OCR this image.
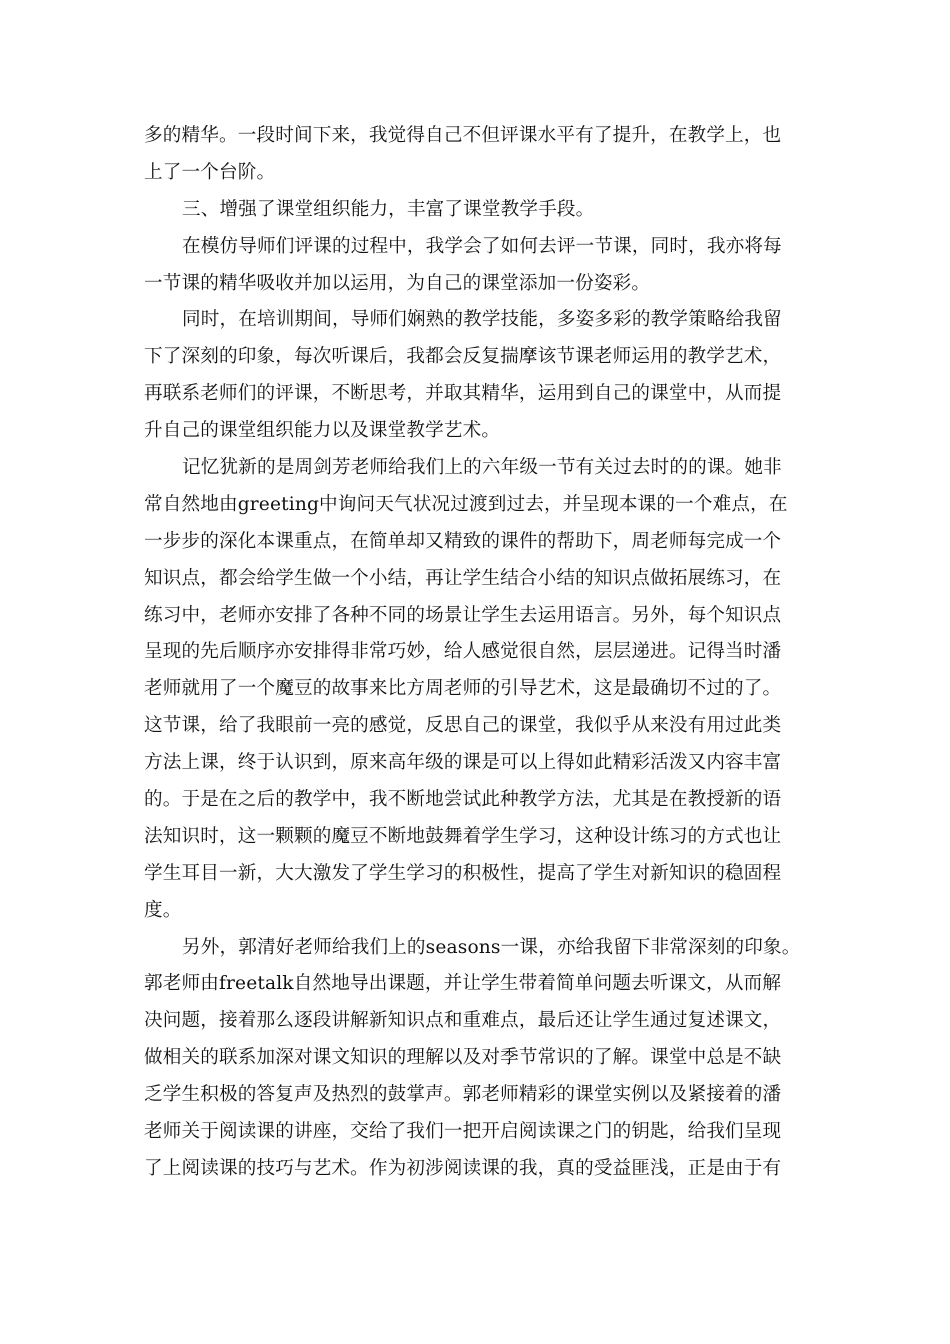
多的精华。一段时间下来，我觉得自己不但评课水平有了提升，在教学上，也
上了一个台阶。
三、增强了课堂组织能力，丰富了课堂教学手段。
在模仿导师们评课的过程中，我学会了如何去评一节课，同时，我亦将每
一节课的精华吸收并加以运用，为自己的课堂添加一份姿彩。
同时，在培训期间，导师们娴熟的教学技能，多姿多彩的教学策略给我留
下了深刻的印象，每次听课后，我都会反复揣摩该节课老师运用的教学艺术，
再联系老师们的评课，不断思考，并取其精华，运用到自己的课堂中，从而提
升自己的课堂组织能力以及课堂教学艺术。
记忆犹新的是周剑芳老师给我们上的六年级一节有关过去时的的课。她非
常自然地由greeting中询问天气状况过渡到过去，并呈现本课的一个难点，在
一步步的深化本课重点，在简单却又精致的课件的帮助下，周老师每完成一个
知识点，都会给学生做一个小结，再让学生结合小结的知识点做拓展练习，在
练习中，老师亦安排了各种不同的场景让学生去运用语言。另外，每个知识点
呈现的先后顺序亦安排得非常巧妙，给人感觉很自然，层层递进。记得当时潘
老师就用了一个魔豆的故事来比方周老师的引导艺术，这是最确切不过的了。
这节课，给了我眼前一亮的感觉，反思自己的课堂，我似乎从来没有用过此类
方法上课，终于认识到，原来高年级的课是可以上得如此精彩活泼又内容丰富
的。于是在之后的教学中，我不断地尝试此种教学方法，尤其是在教授新的语
法知识时，这一颗颗的魔豆不断地鼓舞着学生学习，这种设计练习的方式也让
学生耳目一新，大大激发了学生学习的积极性，提高了学生对新知识的稳固程
度。
另外，郭清好老师给我们上的seasons一课，亦给我留下非常深刻的印象。
郭老师由freetalk自然地导出课题，并让学生带着简单问题去听课文，从而解
决问题，接着那么逐段讲解新知识点和重难点，最后还让学生通过复述课文，
做相关的联系加深对课文知识的理解以及对季节常识的了解。课堂中总是不缺
乏学生积极的答复声及热烈的鼓掌声。郭老师精彩的课堂实例以及紧接着的潘
老师关于阅读课的讲座，交给了我们一把开启阅读课之门的钥匙，给我们呈现
了上阅读课的技巧与艺术。作为初涉阅读课的我，真的受益匪浅，正是由于有
